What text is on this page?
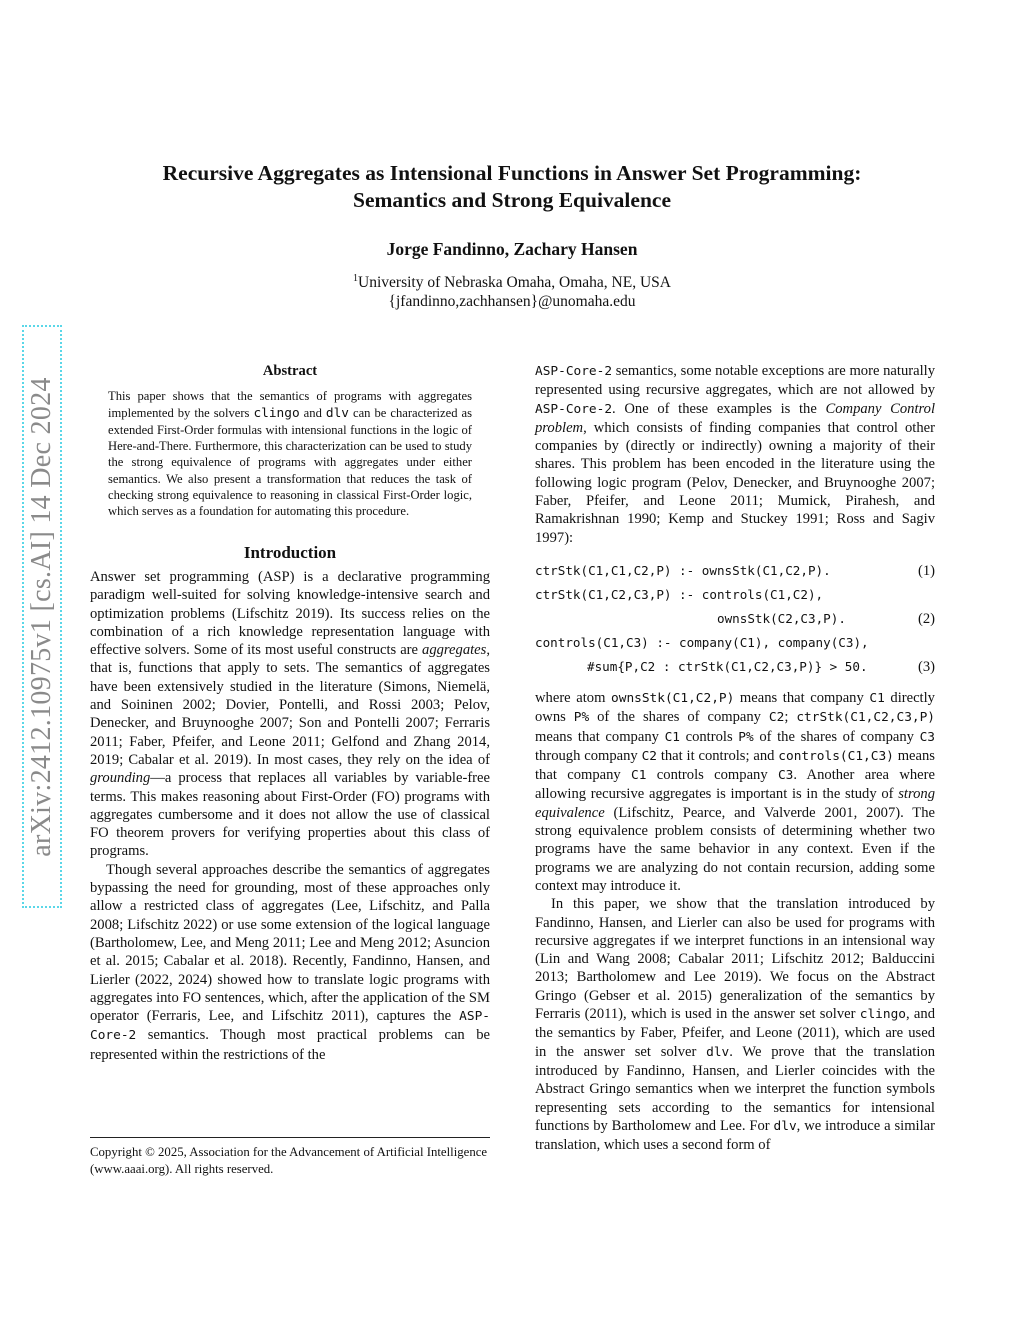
arXiv:2412.10975v1 [cs.AI] 14 Dec 2024
Recursive Aggregates as Intensional Functions in Answer Set Programming:
Semantics and Strong Equivalence
Jorge Fandinno, Zachary Hansen
$^1$University of Nebraska Omaha, Omaha, NE, USA
{jfandinno,zachhansen}@unomaha.edu
Abstract

This paper shows that the semantics of programs with aggregates implemented by the solvers clingo and dlv can be characterized as extended First-Order formulas with intensional functions in the logic of Here-and-There. Furthermore, this characterization can be used to study the strong equivalence of programs with aggregates under either semantics. We also present a transformation that reduces the task of checking strong equivalence to reasoning in classical First-Order logic, which serves as a foundation for automating this procedure.

Introduction

Answer set programming (ASP) is a declarative programming paradigm well-suited for solving knowledge-intensive search and optimization problems (Lifschitz 2019). Its success relies on the combination of a rich knowledge representation language with effective solvers. Some of its most useful constructs are aggregates, that is, functions that apply to sets. The semantics of aggregates have been extensively studied in the literature (Simons, Niemelä, and Soininen 2002; Dovier, Pontelli, and Rossi 2003; Pelov, Denecker, and Bruynooghe 2007; Son and Pontelli 2007; Ferraris 2011; Faber, Pfeifer, and Leone 2011; Gelfond and Zhang 2014, 2019; Cabalar et al. 2019). In most cases, they rely on the idea of grounding—a process that replaces all variables by variable-free terms. This makes reasoning about First-Order (FO) programs with aggregates cumbersome and it does not allow the use of classical FO theorem provers for verifying properties about this class of programs.

Though several approaches describe the semantics of aggregates bypassing the need for grounding, most of these approaches only allow a restricted class of aggregates (Lee, Lifschitz, and Palla 2008; Lifschitz 2022) or use some extension of the logical language (Bartholomew, Lee, and Meng 2011; Lee and Meng 2012; Asuncion et al. 2015; Cabalar et al. 2018). Recently, Fandinno, Hansen, and Lierler (2022, 2024) showed how to translate logic programs with aggregates into FO sentences, which, after the application of the SM operator (Ferraris, Lee, and Lifschitz 2011), captures the ASP-Core-2 semantics. Though most practical problems can be represented within the restrictions of the

Copyright © 2025, Association for the Advancement of Artificial Intelligence (www.aaai.org). All rights reserved.

ASP-Core-2 semantics, some notable exceptions are more naturally represented using recursive aggregates, which are not allowed by ASP-Core-2. One of these examples is the Company Control problem, which consists of finding companies that control other companies by (directly or indirectly) owning a majority of their shares. This problem has been encoded in the literature using the following logic program (Pelov, Denecker, and Bruynooghe 2007; Faber, Pfeifer, and Leone 2011; Mumick, Pirahesh, and Ramakrishnan 1990; Kemp and Stuckey 1991; Ross and Sagiv 1997):

ctrStk(C1,C1,C2,P) :- ownsStk(C1,C2,P).	(1)
ctrStk(C1,C2,C3,P) :- controls(C1,C2),
ownsStk(C2,C3,P).	(2)
controls(C1,C3) :- company(C1), company(C3),
#sum{P,C2 : ctrStk(C1,C2,C3,P)} > 50.	(3)

where atom ownsStk(C1,C2,P) means that company C1 directly owns P% of the shares of company C2; ctrStk(C1,C2,C3,P) means that company C1 controls P% of the shares of company C3 through company C2 that it controls; and controls(C1,C3) means that company C1 controls company C3. Another area where allowing recursive aggregates is important is in the study of strong equivalence (Lifschitz, Pearce, and Valverde 2001, 2007). The strong equivalence problem consists of determining whether two programs have the same behavior in any context. Even if the programs we are analyzing do not contain recursion, adding some context may introduce it.

In this paper, we show that the translation introduced by Fandinno, Hansen, and Lierler can also be used for programs with recursive aggregates if we interpret functions in an intensional way (Lin and Wang 2008; Cabalar 2011; Lifschitz 2012; Balduccini 2013; Bartholomew and Lee 2019). We focus on the Abstract Gringo (Gebser et al. 2015) generalization of the semantics by Ferraris (2011), which is used in the answer set solver clingo, and the semantics by Faber, Pfeifer, and Leone (2011), which are used in the answer set solver dlv. We prove that the translation introduced by Fandinno, Hansen, and Lierler coincides with the Abstract Gringo semantics when we interpret the function symbols representing sets according to the semantics for intensional functions by Bartholomew and Lee. For dlv, we introduce a similar translation, which uses a second form of
